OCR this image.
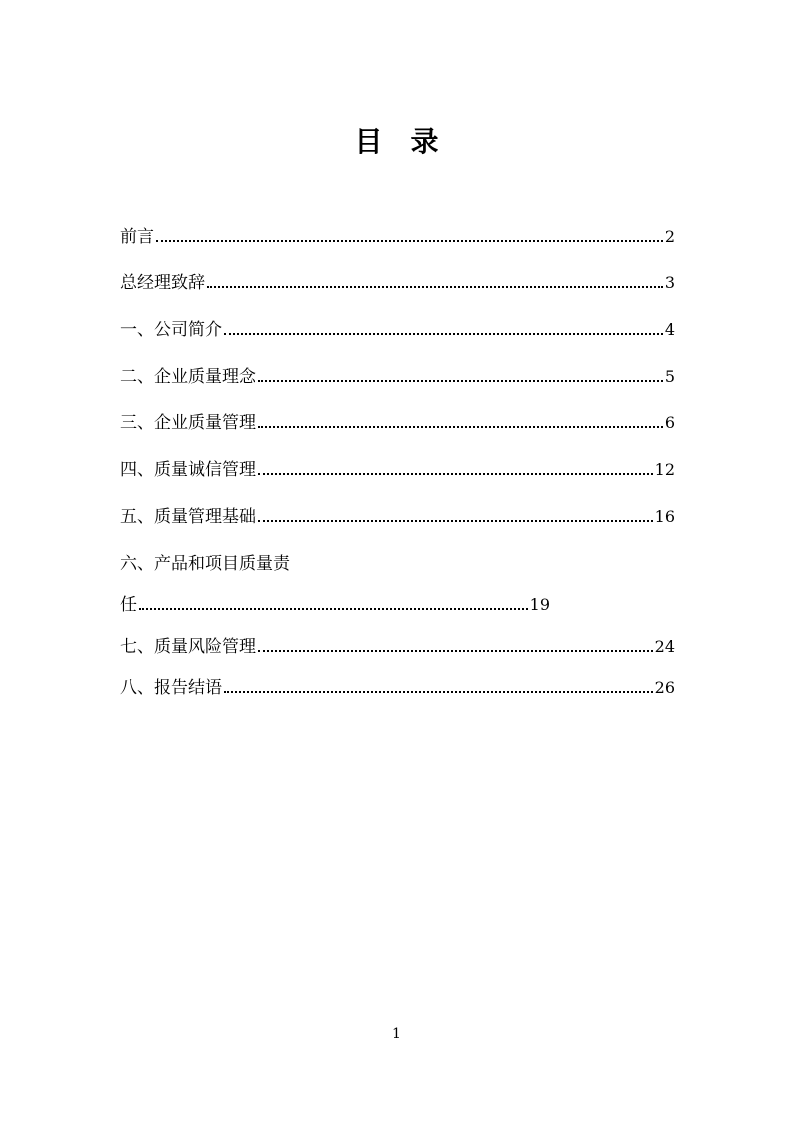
目　录
前言	2
总经理致辞	3
一、公司简介	4
二、企业质量理念	5
三、企业质量管理	6
四、质量诚信管理	12
五、质量管理基础	16
六、产品和项目质量责
任	19
七、质量风险管理	24
八、报告结语	26
1
